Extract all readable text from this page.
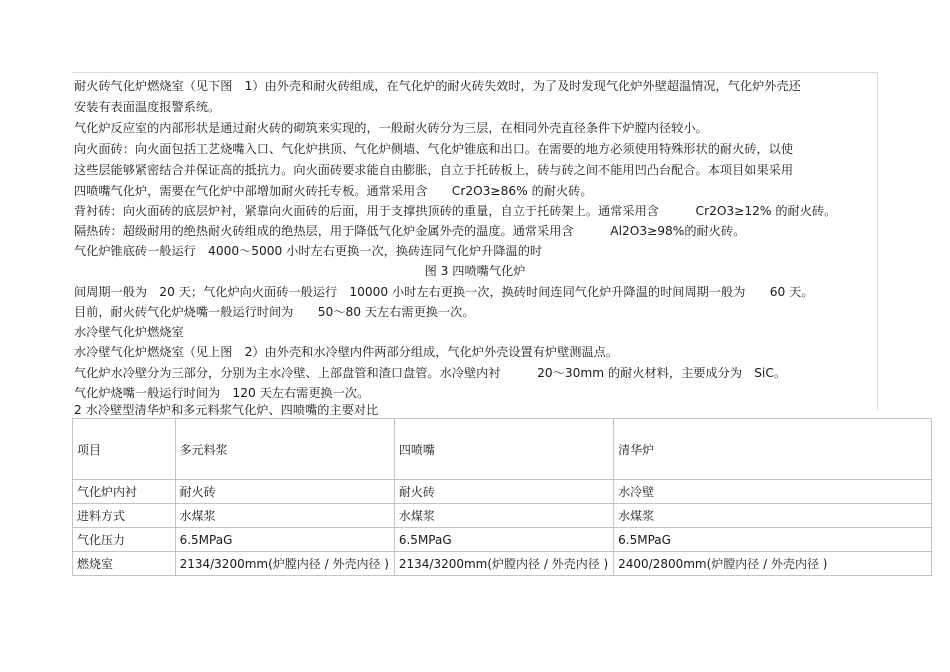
耐火砖气化炉燃烧室（见下图　1）由外壳和耐火砖组成，在气化炉的耐火砖失效时，为了及时发现气化炉外壁超温情况，气化炉外壳还
安装有表面温度报警系统。
气化炉反应室的内部形状是通过耐火砖的砌筑来实现的，一般耐火砖分为三层，在相同外壳直径条件下炉膛内径较小。
向火面砖：向火面包括工艺烧嘴入口、气化炉拱顶、气化炉侧墙、气化炉锥底和出口。在需要的地方必须使用特殊形状的耐火砖，以使
这些层能够紧密结合并保证高的抵抗力。向火面砖要求能自由膨胀，自立于托砖板上，砖与砖之间不能用凹凸台配合。本项目如果采用
四喷嘴气化炉，需要在气化炉中部增加耐火砖托专板。通常采用含　　Cr2O3≥86% 的耐火砖。
背衬砖：向火面砖的底层炉衬，紧靠向火面砖的后面，用于支撑拱顶砖的重量，自立于托砖架上。通常采用含　　　Cr2O3≥12% 的耐火砖。
隔热砖：超级耐用的绝热耐火砖组成的绝热层，用于降低气化炉金属外壳的温度。通常采用含　　　Al2O3≥98%的耐火砖。
气化炉锥底砖一般运行　4000～5000 小时左右更换一次，换砖连同气化炉升降温的时
图 3 四喷嘴气化炉
间周期一般为　20 天；气化炉向火面砖一般运行　10000 小时左右更换一次，换砖时间连同气化炉升降温的时间周期一般为　　60 天。
目前，耐火砖气化炉烧嘴一般运行时间为　　50～80 天左右需更换一次。
水冷壁气化炉燃烧室
水冷壁气化炉燃烧室（见上图　2）由外壳和水冷壁内件两部分组成，气化炉外壳设置有炉壁测温点。
气化炉水冷壁分为三部分，分别为主水冷壁、上部盘管和渣口盘管。水冷壁内衬　　　20～30mm 的耐火材料，主要成分为　SiC。
气化炉烧嘴一般运行时间为　120 天左右需更换一次。
2 水冷壁型清华炉和多元料浆气化炉、四喷嘴的主要对比
项目	多元料浆	四喷嘴	清华炉
气化炉内衬	耐火砖	耐火砖	水冷壁
进料方式	水煤浆	水煤浆	水煤浆
气化压力	6.5MPaG	6.5MPaG	6.5MPaG
燃烧室	2134/3200mm(炉膛内径 / 外壳内径 )	2134/3200mm(炉膛内径 / 外壳内径 )	2400/2800mm(炉膛内径 / 外壳内径 )
